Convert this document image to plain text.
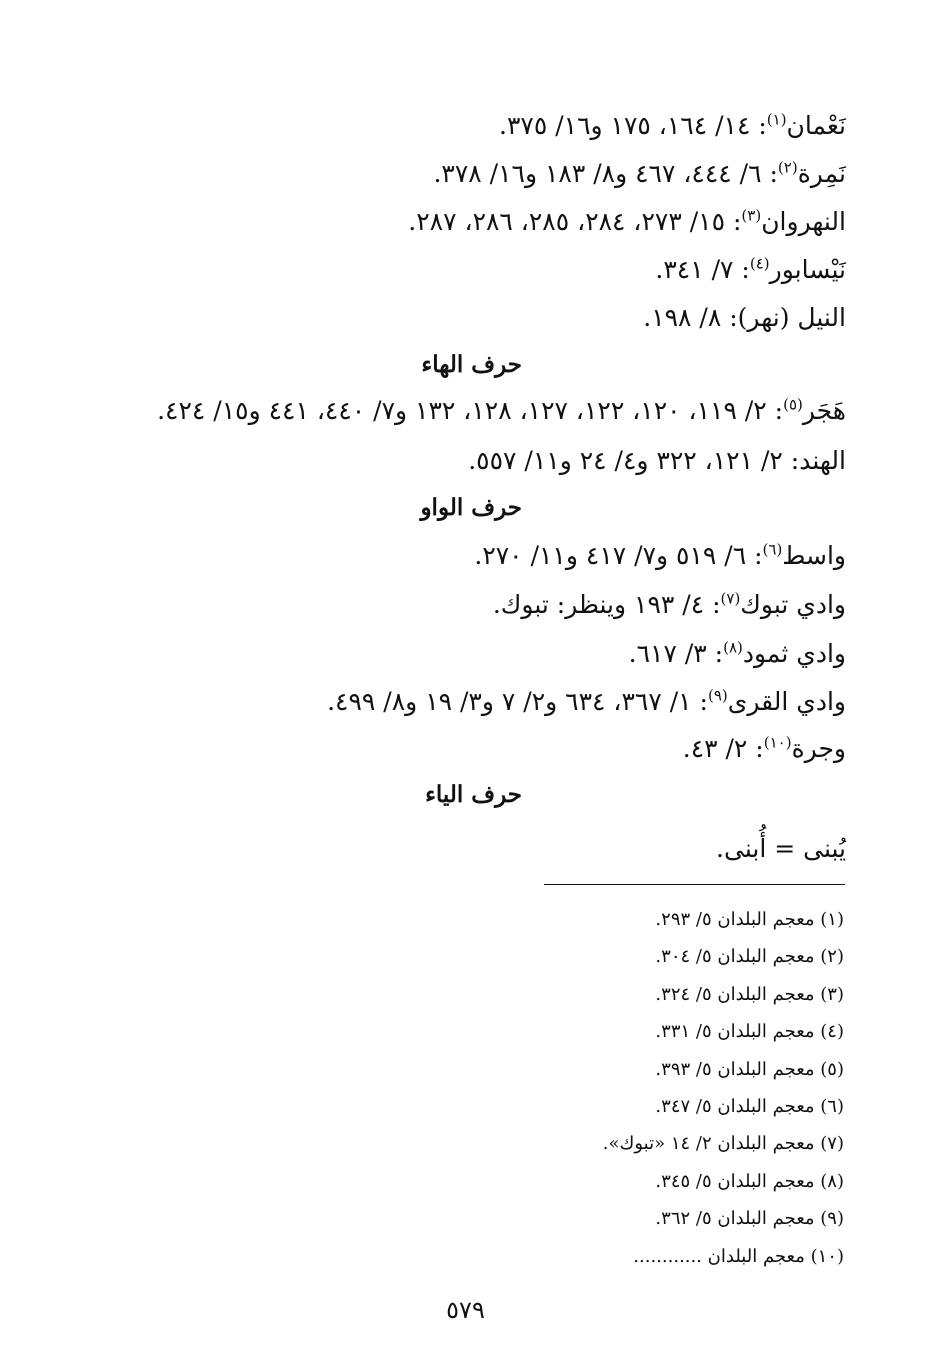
نَعْمان$^{(١)}$: ١٤/ ١٦٤، ١٧٥ و١٦/ ٣٧٥.
نَمِرة$^{(٢)}$: ٦/ ٤٤٤، ٤٦٧ و٨/ ١٨٣ و١٦/ ٣٧٨.
النهروان$^{(٣)}$: ١٥/ ٢٧٣، ٢٨٤، ٢٨٥، ٢٨٦، ٢٨٧.
نَيْسابور$^{(٤)}$: ٧/ ٣٤١.
النيل (نهر): ٨/ ١٩٨.
حرف الهاء
هَجَر$^{(٥)}$: ٢/ ١١٩، ١٢٠، ١٢٢، ١٢٧، ١٢٨، ١٣٢ و٧/ ٤٤٠، ٤٤١ و١٥/ ٤٢٤.
الهند: ٢/ ١٢١، ٣٢٢ و٤/ ٢٤ و١١/ ٥٥٧.
حرف الواو
واسط$^{(٦)}$: ٦/ ٥١٩ و٧/ ٤١٧ و١١/ ٢٧٠.
وادي تبوك$^{(٧)}$: ٤/ ١٩٣ وينظر: تبوك.
وادي ثمود$^{(٨)}$: ٣/ ٦١٧.
وادي القرى$^{(٩)}$: ١/ ٣٦٧، ٦٣٤ و٢/ ٧ و٣/ ١٩ و٨/ ٤٩٩.
وجرة$^{(١٠)}$: ٢/ ٤٣.
حرف الياء
يُبنى = أُبنى.
(١) معجم البلدان ٥/ ٢٩٣.
(٢) معجم البلدان ٥/ ٣٠٤.
(٣) معجم البلدان ٥/ ٣٢٤.
(٤) معجم البلدان ٥/ ٣٣١.
(٥) معجم البلدان ٥/ ٣٩٣.
(٦) معجم البلدان ٥/ ٣٤٧.
(٧) معجم البلدان ٢/ ١٤ «تبوك».
(٨) معجم البلدان ٥/ ٣٤٥.
(٩) معجم البلدان ٥/ ٣٦٢.
(١٠) معجم البلدان ............
٥٧٩
